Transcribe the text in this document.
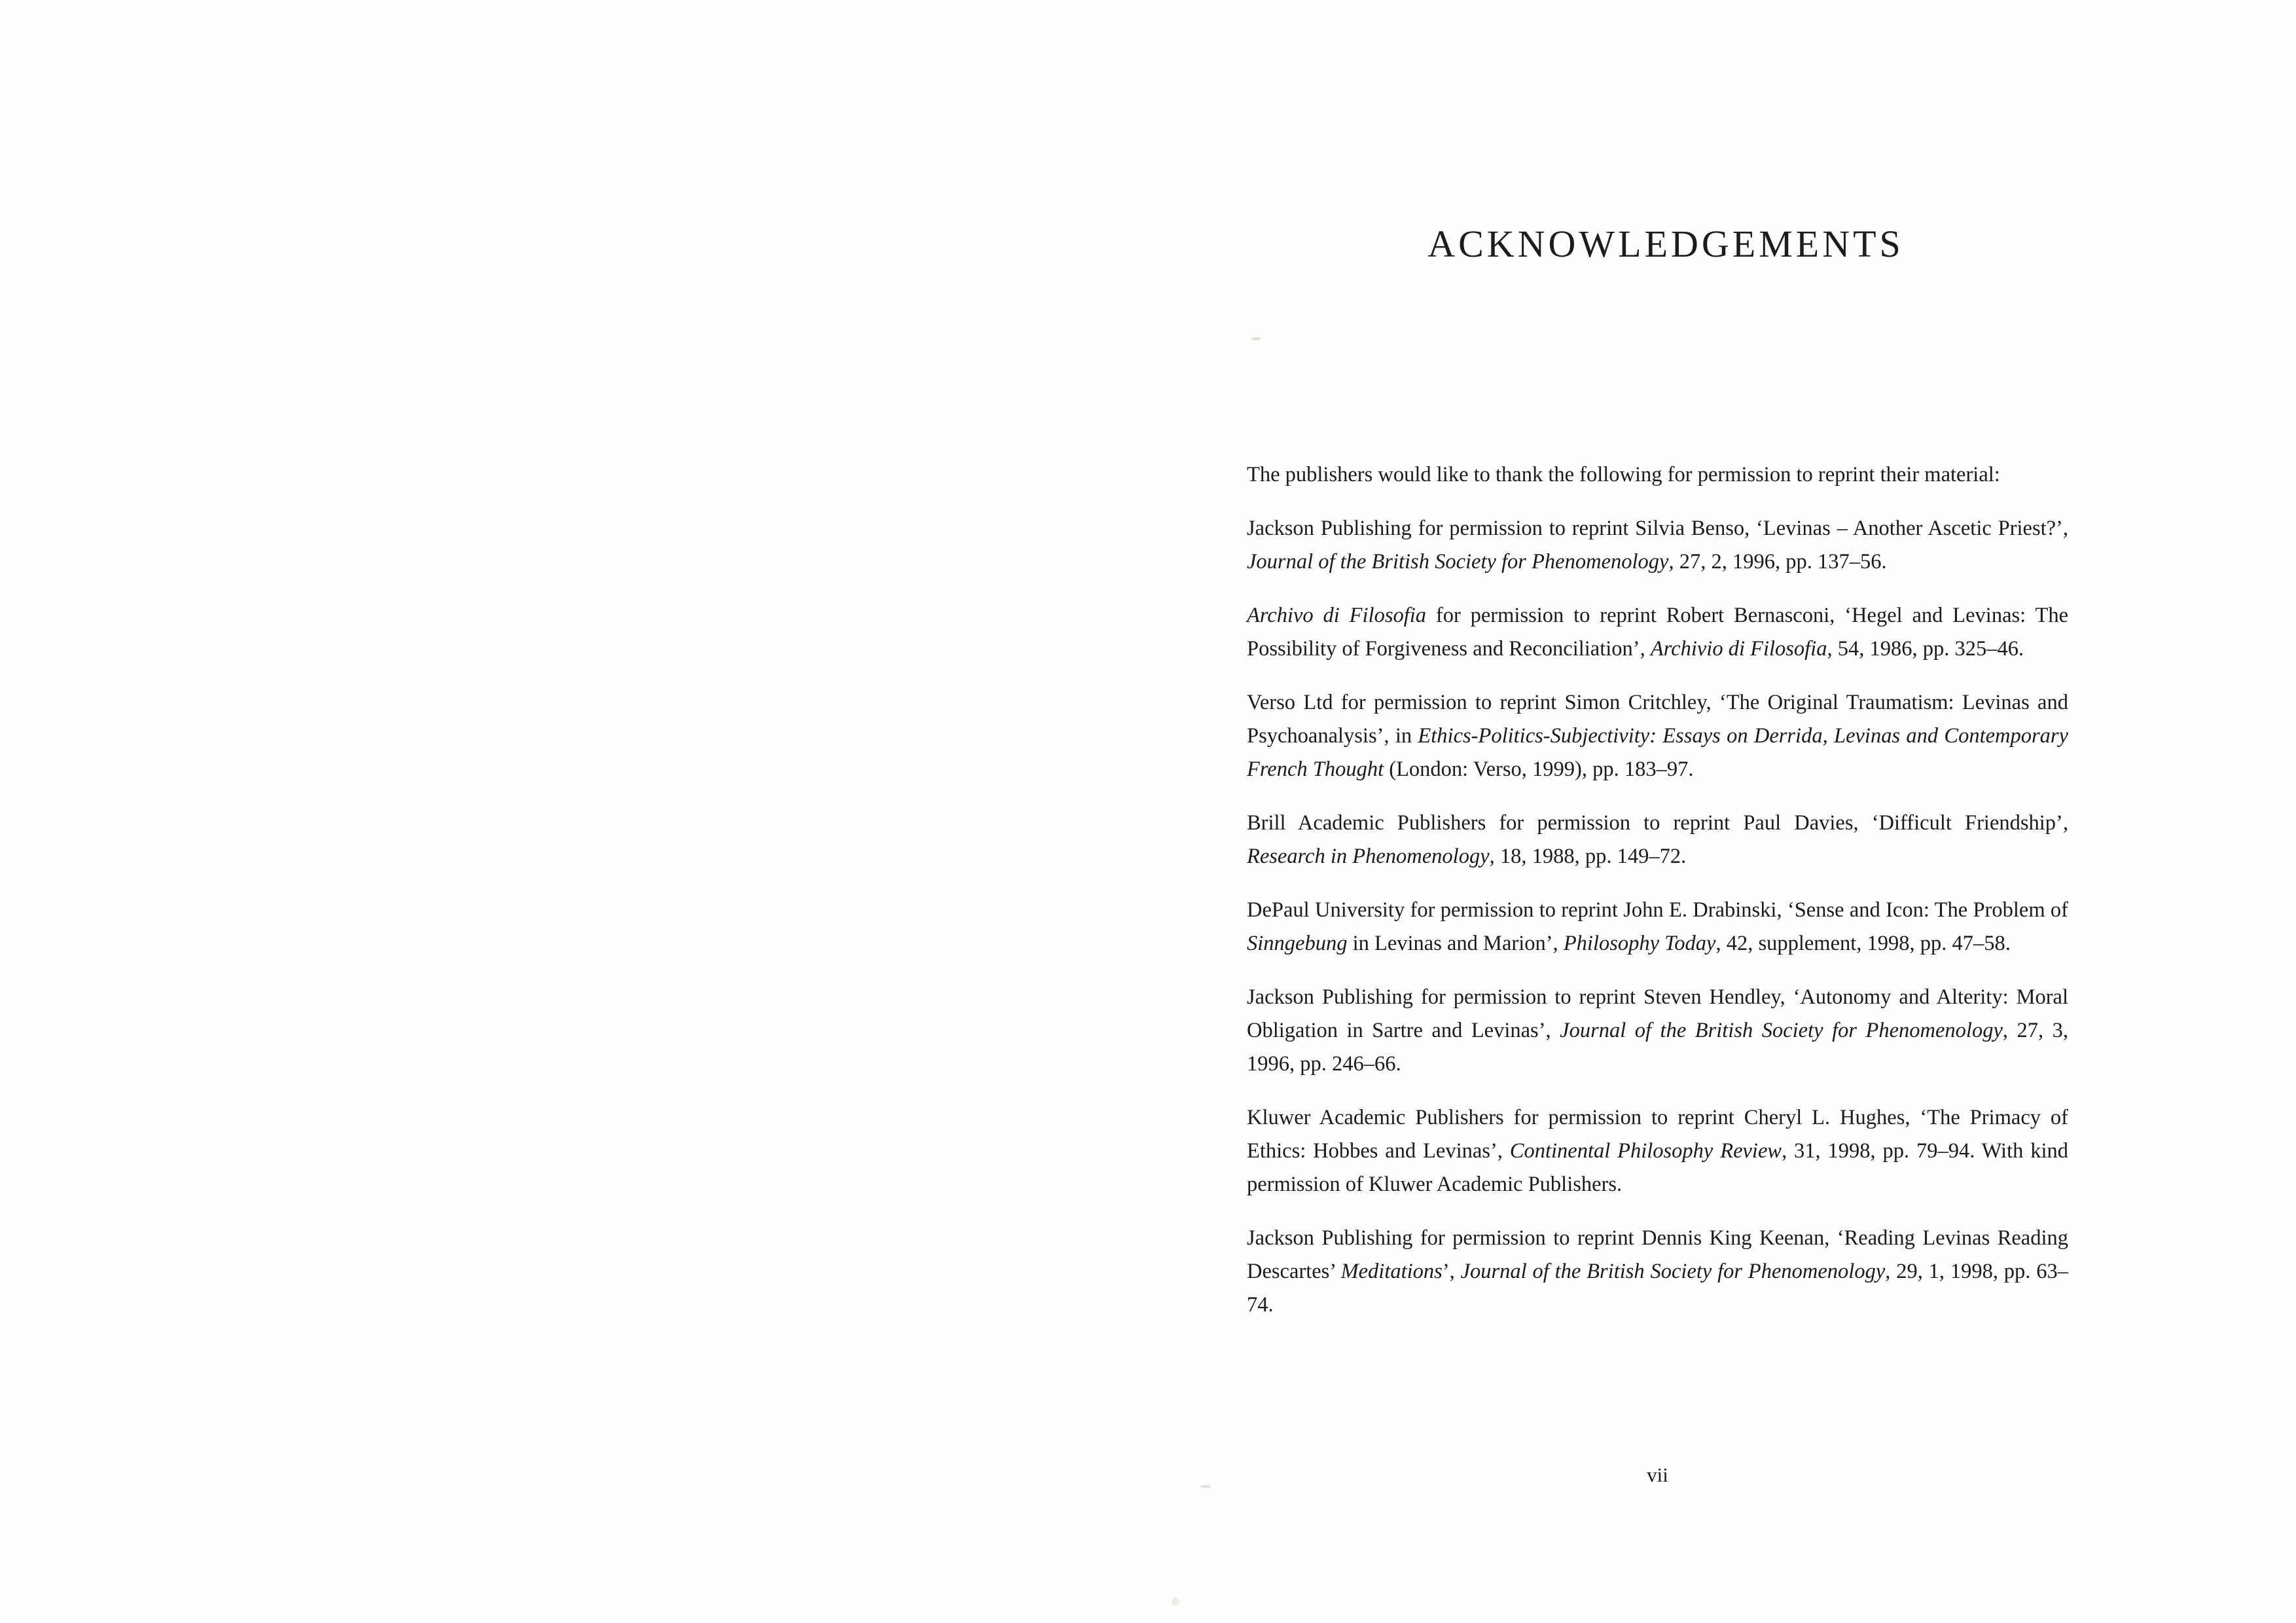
ACKNOWLEDGEMENTS

The publishers would like to thank the following for permission to reprint their material:

Jackson Publishing for permission to reprint Silvia Benso, ‘Levinas – Another Ascetic Priest?’, Journal of the British Society for Phenomenology, 27, 2, 1996, pp. 137–56.

Archivo di Filosofia for permission to reprint Robert Bernasconi, ‘Hegel and Levinas: The Possibility of Forgiveness and Reconciliation’, Archivio di Filosofia, 54, 1986, pp. 325–46.

Verso Ltd for permission to reprint Simon Critchley, ‘The Original Traumatism: Levinas and Psychoanalysis’, in Ethics-Politics-Subjectivity: Essays on Derrida, Levinas and Contemporary French Thought (London: Verso, 1999), pp. 183–97.

Brill Academic Publishers for permission to reprint Paul Davies, ‘Difficult Friendship’, Research in Phenomenology, 18, 1988, pp. 149–72.

DePaul University for permission to reprint John E. Drabinski, ‘Sense and Icon: The Problem of Sinngebung in Levinas and Marion’, Philosophy Today, 42, supplement, 1998, pp. 47–58.

Jackson Publishing for permission to reprint Steven Hendley, ‘Autonomy and Alterity: Moral Obligation in Sartre and Levinas’, Journal of the British Society for Phenomenology, 27, 3, 1996, pp. 246–66.

Kluwer Academic Publishers for permission to reprint Cheryl L. Hughes, ‘The Primacy of Ethics: Hobbes and Levinas’, Continental Philosophy Review, 31, 1998, pp. 79–94. With kind permission of Kluwer Academic Publishers.

Jackson Publishing for permission to reprint Dennis King Keenan, ‘Reading Levinas Reading Descartes’ Meditations’, Journal of the British Society for Phenomenology, 29, 1, 1998, pp. 63–74.

vii
